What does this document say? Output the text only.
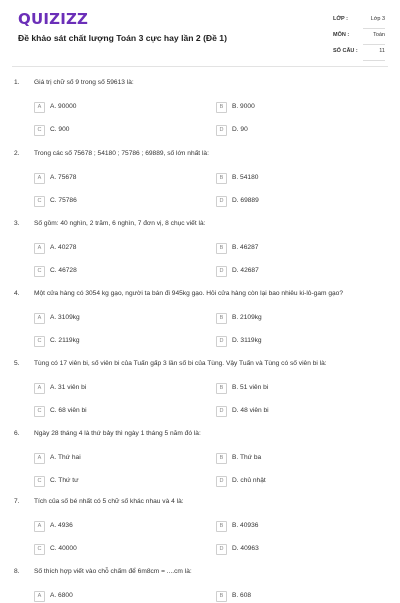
QUIZIZZ
Đề khảo sát chất lượng Toán 3 cực hay lần 2 (Đề 1)
LỚP :	Lớp 3
MÔN :	Toán
SỐ CÂU :	11
1. Giá trị chữ số 9 trong số 59613 là:
A	A. 90000	B	B. 9000
C	C. 900	D	D. 90
2. Trong các số 75678 ; 54180 ; 75786 ; 69889, số lớn nhất là:
A	A. 75678	B	B. 54180
C	C. 75786	D	D. 69889
3. Số gồm: 40 nghìn, 2 trăm, 6 nghìn, 7 đơn vị, 8 chục viết là:
A	A. 40278	B	B. 46287
C	C. 46728	D	D. 42687
4. Một cửa hàng có 3054 kg gạo, người ta bán đi 945kg gạo. Hỏi cửa hàng còn lại bao nhiêu ki-lô-gam gạo?
A	A. 3109kg	B	B. 2109kg
C	C. 2119kg	D	D. 3119kg
5. Tùng có 17 viên bi, số viên bi của Tuấn gấp 3 lần số bi của Tùng. Vậy Tuấn và Tùng có số viên bi là:
A	A. 31 viên bi	B	B. 51 viên bi
C	C. 68 viên bi	D	D. 48 viên bi
6. Ngày 28 tháng 4 là thứ bảy thì ngày 1 tháng 5 năm đó là:
A	A. Thứ hai	B	B. Thứ ba
C	C. Thứ tư	D	D. chủ nhật
7. Tích của số bé nhất có 5 chữ số khác nhau và 4 là:
A	A. 4936	B	B. 40936
C	C. 40000	D	D. 40963
8. Số thích hợp viết vào chỗ chấm để 6m8cm = ....cm là:
A	A. 6800	B	B. 608
